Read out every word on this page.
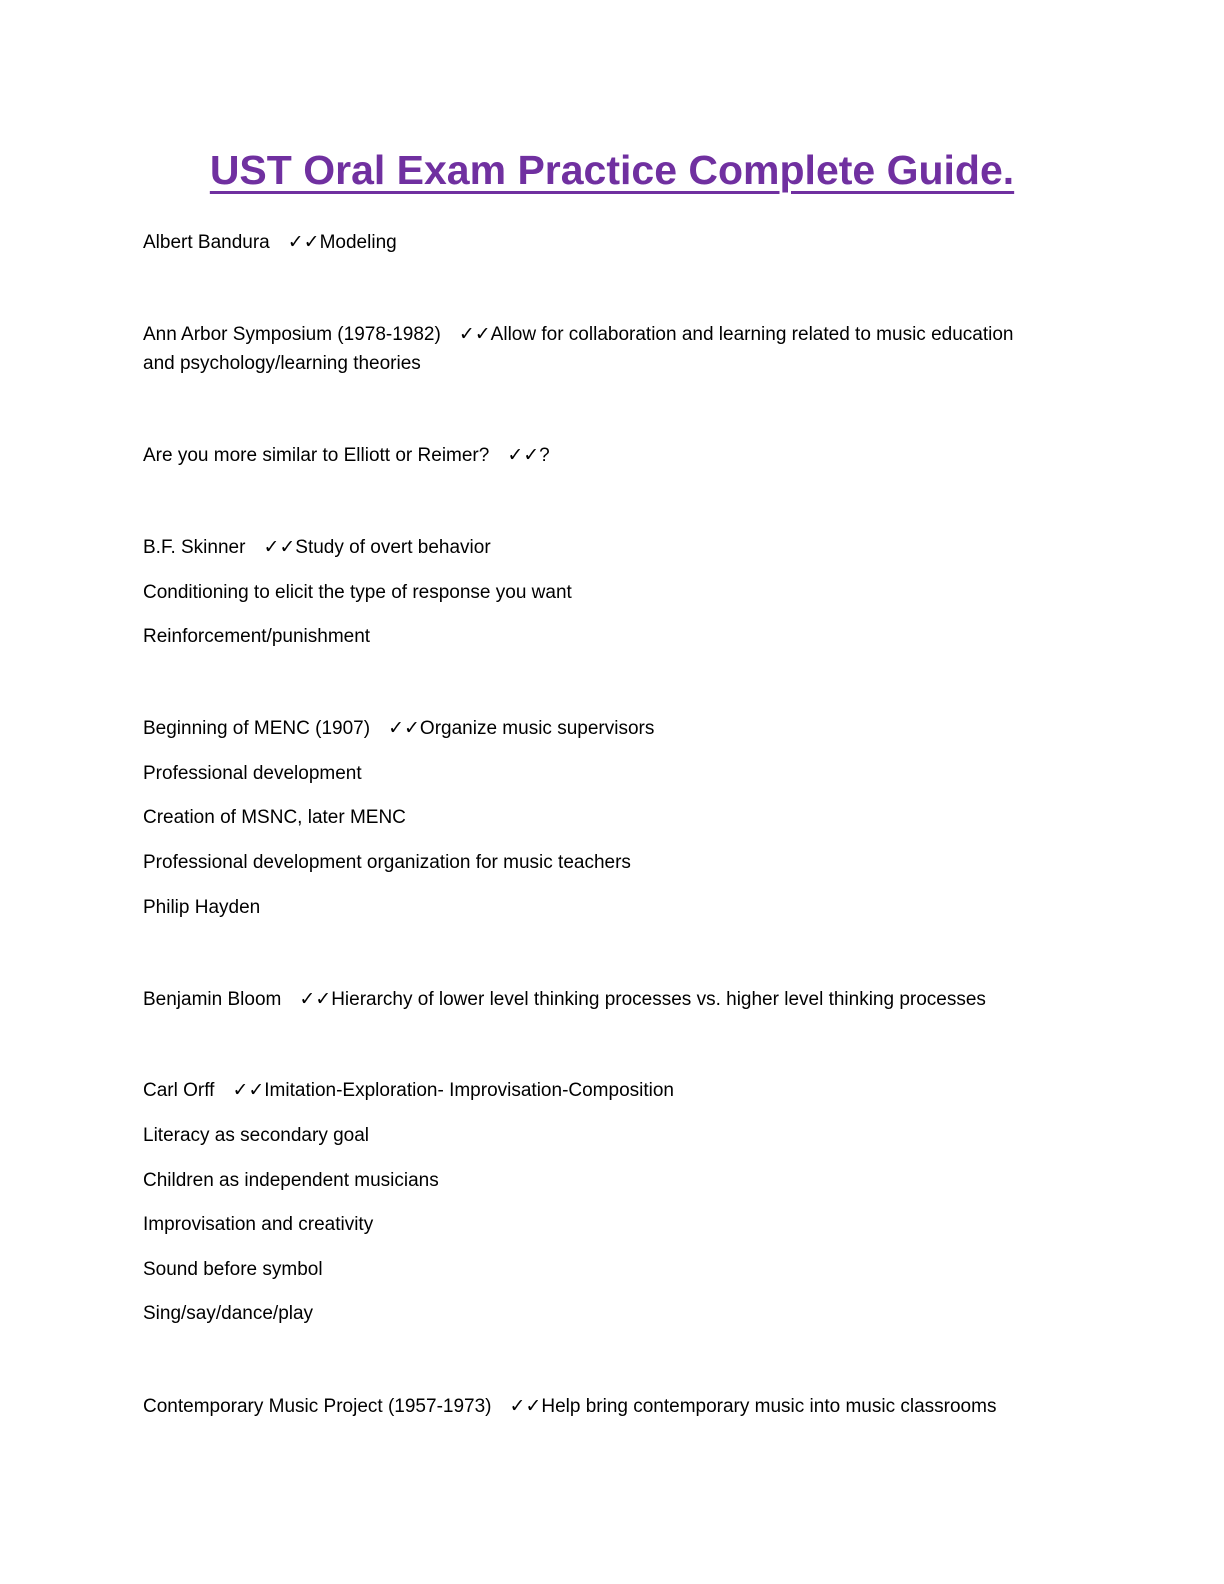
UST Oral Exam Practice Complete Guide.
Albert Bandura ✓✓Modeling
Ann Arbor Symposium (1978-1982) ✓✓Allow for collaboration and learning related to music education
and psychology/learning theories
Are you more similar to Elliott or Reimer? ✓✓?
B.F. Skinner ✓✓Study of overt behavior
Conditioning to elicit the type of response you want
Reinforcement/punishment
Beginning of MENC (1907) ✓✓Organize music supervisors
Professional development
Creation of MSNC, later MENC
Professional development organization for music teachers
Philip Hayden
Benjamin Bloom ✓✓Hierarchy of lower level thinking processes vs. higher level thinking processes
Carl Orff ✓✓Imitation-Exploration- Improvisation-Composition
Literacy as secondary goal
Children as independent musicians
Improvisation and creativity
Sound before symbol
Sing/say/dance/play
Contemporary Music Project (1957-1973) ✓✓Help bring contemporary music into music classrooms
